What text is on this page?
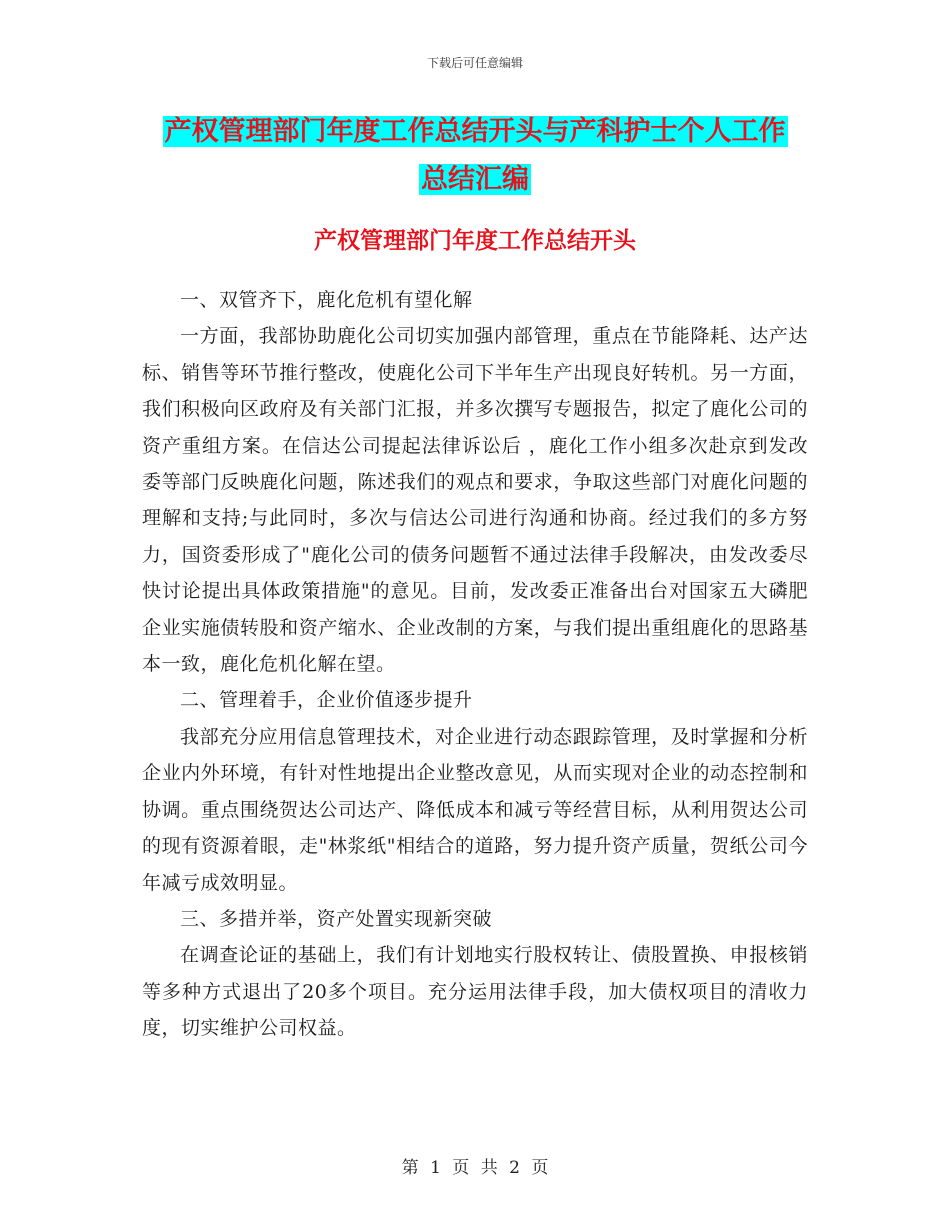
下载后可任意编辑
产权管理部门年度工作总结开头与产科护士个人工作
总结汇编
产权管理部门年度工作总结开头

一、双管齐下，鹿化危机有望化解

一方面，我部协助鹿化公司切实加强内部管理，重点在节能降耗、达产达标、销售等环节推行整改，使鹿化公司下半年生产出现良好转机。另一方面，我们积极向区政府及有关部门汇报，并多次撰写专题报告，拟定了鹿化公司的资产重组方案。在信达公司提起法律诉讼后 ，鹿化工作小组多次赴京到发改委等部门反映鹿化问题，陈述我们的观点和要求，争取这些部门对鹿化问题的理解和支持;与此同时，多次与信达公司进行沟通和协商。经过我们的多方努力，国资委形成了"鹿化公司的债务问题暂不通过法律手段解决，由发改委尽快讨论提出具体政策措施"的意见。目前，发改委正准备出台对国家五大磷肥企业实施债转股和资产缩水、企业改制的方案，与我们提出重组鹿化的思路基本一致，鹿化危机化解在望。

二、管理着手，企业价值逐步提升

我部充分应用信息管理技术，对企业进行动态跟踪管理，及时掌握和分析企业内外环境，有针对性地提出企业整改意见，从而实现对企业的动态控制和协调。重点围绕贺达公司达产、降低成本和减亏等经营目标，从利用贺达公司的现有资源着眼，走"林浆纸"相结合的道路，努力提升资产质量，贺纸公司今年减亏成效明显。

三、多措并举，资产处置实现新突破

在调查论证的基础上，我们有计划地实行股权转让、债股置换、申报核销等多种方式退出了20多个项目。充分运用法律手段，加大债权项目的清收力度，切实维护公司权益。

第 1 页 共 2 页
